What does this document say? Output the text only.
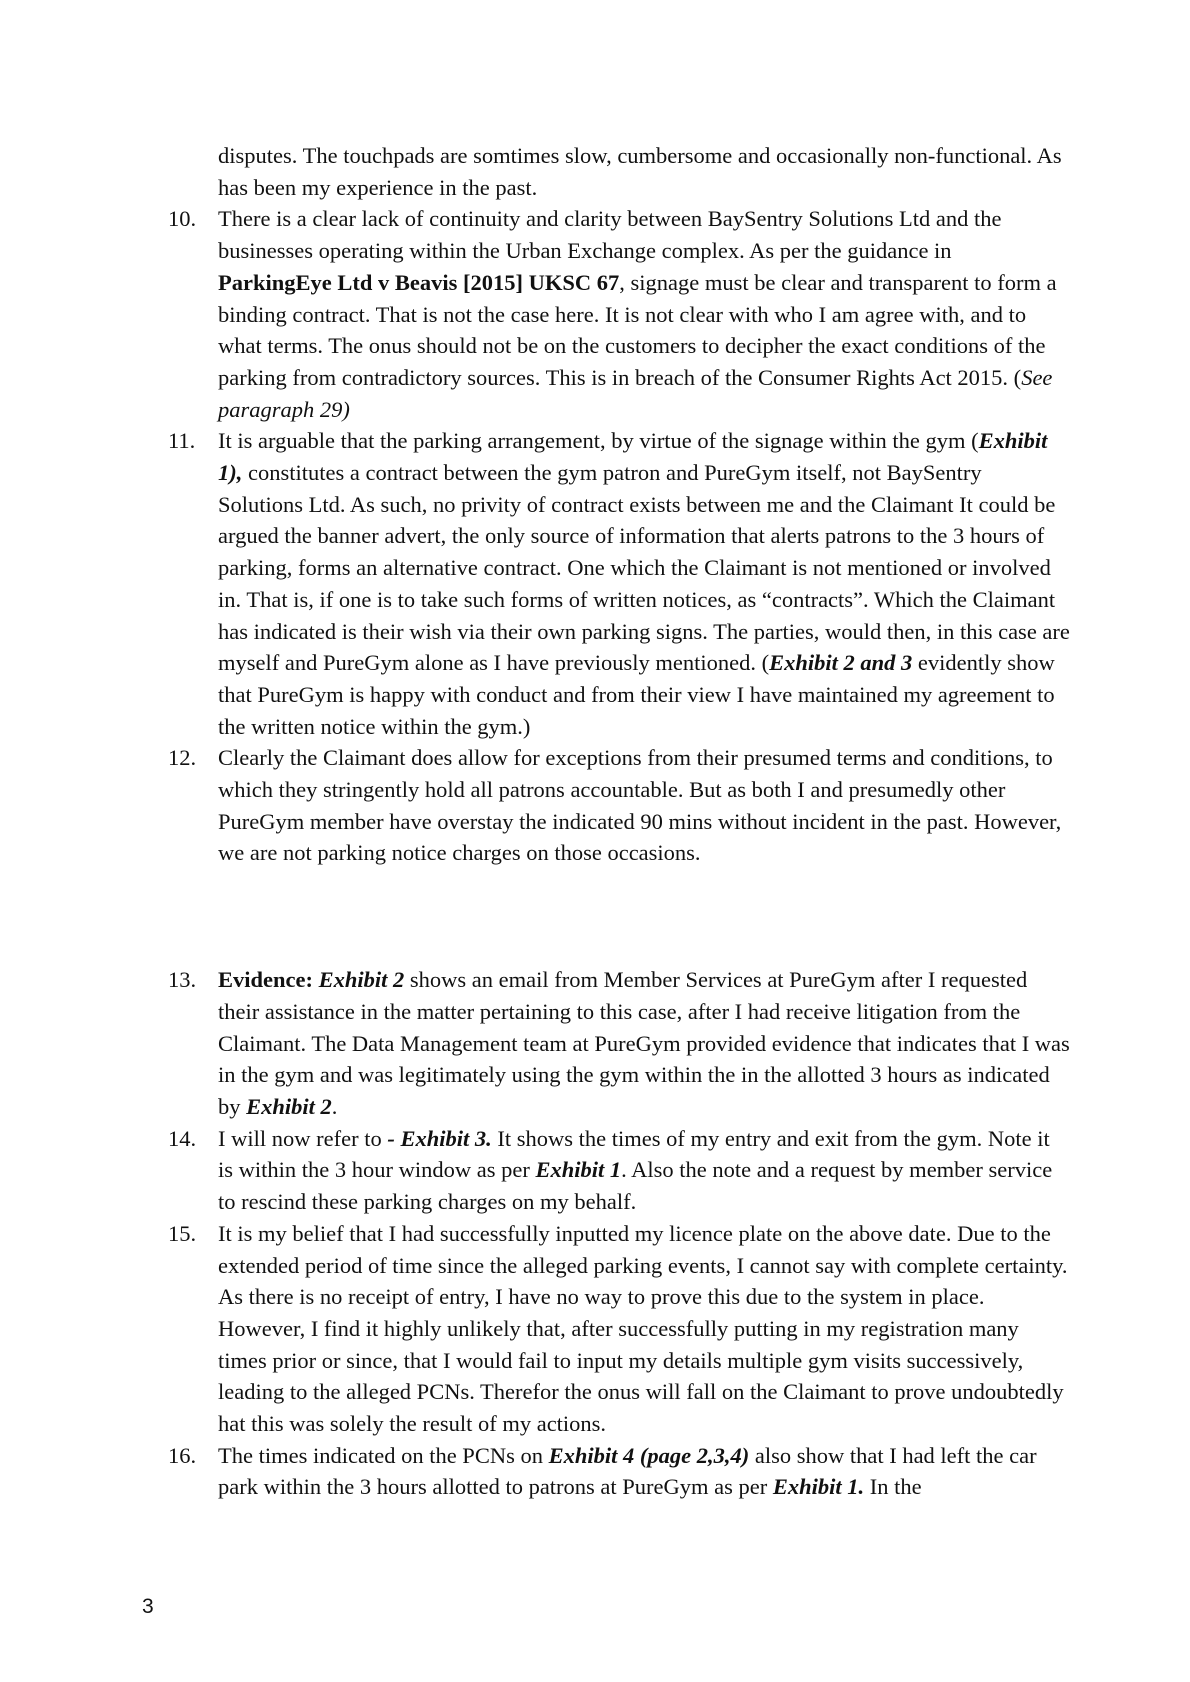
disputes. The touchpads are somtimes slow, cumbersome and occasionally non-functional. As has been my experience in the past.
10. There is a clear lack of continuity and clarity between BaySentry Solutions Ltd and the businesses operating within the Urban Exchange complex. As per the guidance in ParkingEye Ltd v Beavis [2015] UKSC 67, signage must be clear and transparent to form a binding contract. That is not the case here. It is not clear with who I am agree with, and to what terms. The onus should not be on the customers to decipher the exact conditions of the parking from contradictory sources. This is in breach of the Consumer Rights Act 2015. (See paragraph 29)
11. It is arguable that the parking arrangement, by virtue of the signage within the gym (Exhibit 1), constitutes a contract between the gym patron and PureGym itself, not BaySentry Solutions Ltd. As such, no privity of contract exists between me and the Claimant It could be argued the banner advert, the only source of information that alerts patrons to the 3 hours of parking, forms an alternative contract. One which the Claimant is not mentioned or involved in. That is, if one is to take such forms of written notices, as “contracts”. Which the Claimant has indicated is their wish via their own parking signs. The parties, would then, in this case are myself and PureGym alone as I have previously mentioned. (Exhibit 2 and 3 evidently show that PureGym is happy with conduct and from their view I have maintained my agreement to the written notice within the gym.)
12. Clearly the Claimant does allow for exceptions from their presumed terms and conditions, to which they stringently hold all patrons accountable. But as both I and presumedly other PureGym member have overstay the indicated 90 mins without incident in the past. However, we are not parking notice charges on those occasions.
13. Evidence: Exhibit 2 shows an email from Member Services at PureGym after I requested their assistance in the matter pertaining to this case, after I had receive litigation from the Claimant. The Data Management team at PureGym provided evidence that indicates that I was in the gym and was legitimately using the gym within the in the allotted 3 hours as indicated by Exhibit 2.
14. I will now refer to - Exhibit 3. It shows the times of my entry and exit from the gym. Note it is within the 3 hour window as per Exhibit 1. Also the note and a request by member service to rescind these parking charges on my behalf.
15. It is my belief that I had successfully inputted my licence plate on the above date. Due to the extended period of time since the alleged parking events, I cannot say with complete certainty. As there is no receipt of entry, I have no way to prove this due to the system in place. However, I find it highly unlikely that, after successfully putting in my registration many times prior or since, that I would fail to input my details multiple gym visits successively, leading to the alleged PCNs. Therefor the onus will fall on the Claimant to prove undoubtedly hat this was solely the result of my actions.
16. The times indicated on the PCNs on Exhibit 4 (page 2,3,4) also show that I had left the car park within the 3 hours allotted to patrons at PureGym as per Exhibit 1. In the
3
